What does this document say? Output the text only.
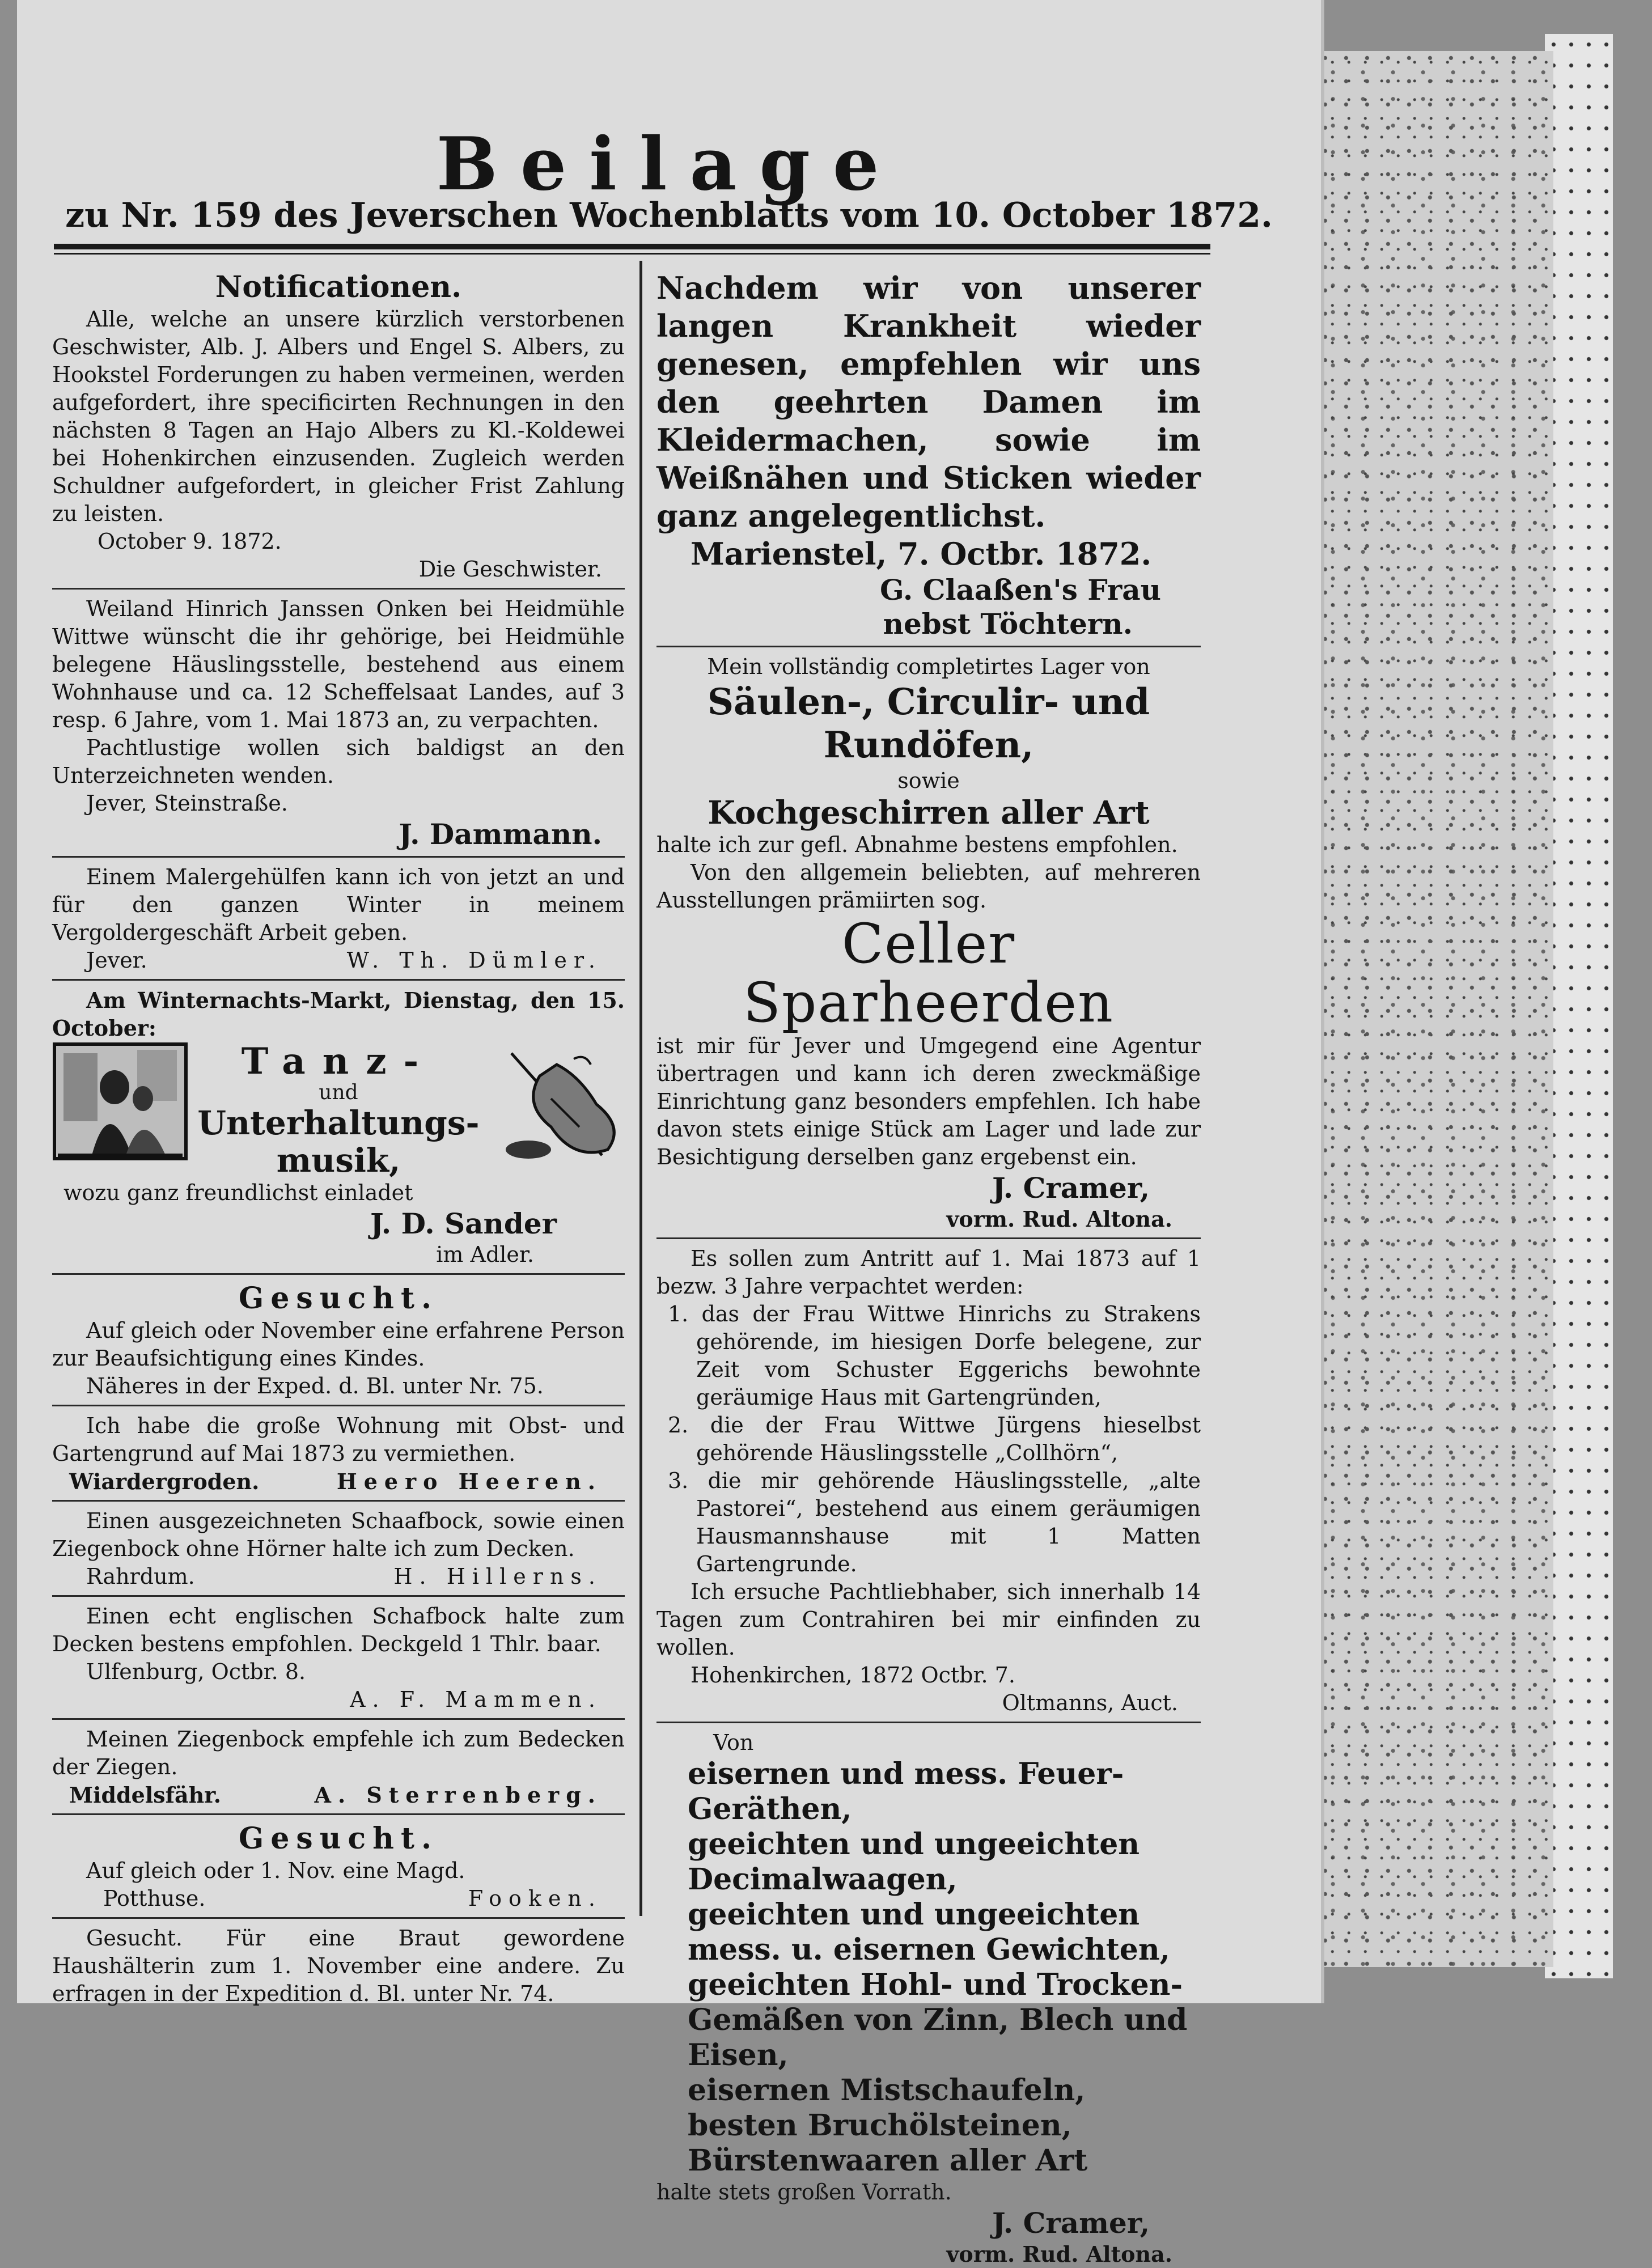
Beilage
zu Nr. 159 des Jeverschen Wochenblatts vom 10. October 1872.
Notificationen.
Alle, welche an unsere kürzlich verstorbenen Geschwister, Alb. J. Albers und Engel S. Albers, zu Hookstel Forderungen zu haben vermeinen, werden aufgefordert, ihre specificirten Rechnungen in den nächsten 8 Tagen an Hajo Albers zu Kl.-Koldewei bei Hohenkirchen einzusenden. Zugleich werden Schuldner aufgefordert, in gleicher Frist Zahlung zu leisten.
October 9. 1872.
Die Geschwister.
Weiland Hinrich Janssen Onken bei Heidmühle Wittwe wünscht die ihr gehörige, bei Heidmühle belegene Häuslingsstelle, bestehend aus einem Wohnhause und ca. 12 Scheffelsaat Landes, auf 3 resp. 6 Jahre, vom 1. Mai 1873 an, zu verpachten.
Pachtlustige wollen sich baldigst an den Unterzeichneten wenden.
Jever, Steinstraße.
J. Dammann.
Einem Malergehülfen kann ich von jetzt an und für den ganzen Winter in meinem Vergoldergeschäft Arbeit geben.
Jever.	W. Th. Dümler.
Am Winternachts-Markt, Dienstag, den 15. October:
Tanz-
und
Unterhaltungs-
musik,
wozu ganz freundlichst einladet
J. D. Sander
im Adler.
Gesucht.
Auf gleich oder November eine erfahrene Person zur Beaufsichtigung eines Kindes.
Näheres in der Exped. d. Bl. unter Nr. 75.
Ich habe die große Wohnung mit Obst- und Gartengrund auf Mai 1873 zu vermiethen.
Wiardergroden.	Heero Heeren.
Einen ausgezeichneten Schaafbock, sowie einen Ziegenbock ohne Hörner halte ich zum Decken.
Rahrdum.	H. Hillerns.
Einen echt englischen Schafbock halte zum Decken bestens empfohlen. Deckgeld 1 Thlr. baar.
Ulfenburg, Octbr. 8.
A. F. Mammen.
Meinen Ziegenbock empfehle ich zum Bedecken der Ziegen.
Middelsfähr.	A. Sterrenberg.
Gesucht.
Auf gleich oder 1. Nov. eine Magd.
Potthuse.	Fooken.
Gesucht. Für eine Braut gewordene Haushälterin zum 1. November eine andere. Zu erfragen in der Expedition d. Bl. unter Nr. 74.
Nachdem wir von unserer langen Krankheit wieder genesen, empfehlen wir uns den geehrten Damen im Kleidermachen, sowie im Weißnähen und Sticken wieder ganz angelegentlichst.
Marienstel, 7. Octbr. 1872.
G. Claaßen's Frau
nebst Töchtern.
Mein vollständig completirtes Lager von
Säulen-, Circulir- und Rundöfen,
sowie
Kochgeschirren aller Art
halte ich zur gefl. Abnahme bestens empfohlen.
Von den allgemein beliebten, auf mehreren Ausstellungen prämiirten sog.
Celler Sparheerden
ist mir für Jever und Umgegend eine Agentur übertragen und kann ich deren zweckmäßige Einrichtung ganz besonders empfehlen. Ich habe davon stets einige Stück am Lager und lade zur Besichtigung derselben ganz ergebenst ein.
J. Cramer,
vorm. Rud. Altona.
Es sollen zum Antritt auf 1. Mai 1873 auf 1 bezw. 3 Jahre verpachtet werden:
1. das der Frau Wittwe Hinrichs zu Strakens gehörende, im hiesigen Dorfe belegene, zur Zeit vom Schuster Eggerichs bewohnte geräumige Haus mit Gartengründen,
2. die der Frau Wittwe Jürgens hieselbst gehörende Häuslingsstelle „Collhörn“,
3. die mir gehörende Häuslingsstelle, „alte Pastorei“, bestehend aus einem geräumigen Hausmannshause mit 1 Matten Gartengrunde.
Ich ersuche Pachtliebhaber, sich innerhalb 14 Tagen zum Contrahiren bei mir einfinden zu wollen.
Hohenkirchen, 1872 Octbr. 7.
Oltmanns, Auct.
Von
eisernen und mess. Feuer-Geräthen,
geeichten und ungeeichten Decimalwaagen,
geeichten und ungeeichten mess. u. eisernen Gewichten,
geeichten Hohl- und Trocken-Gemäßen von Zinn, Blech und Eisen,
eisernen Mistschaufeln,
besten Bruchölsteinen,
Bürstenwaaren aller Art
halte stets großen Vorrath.
J. Cramer,
vorm. Rud. Altona.
